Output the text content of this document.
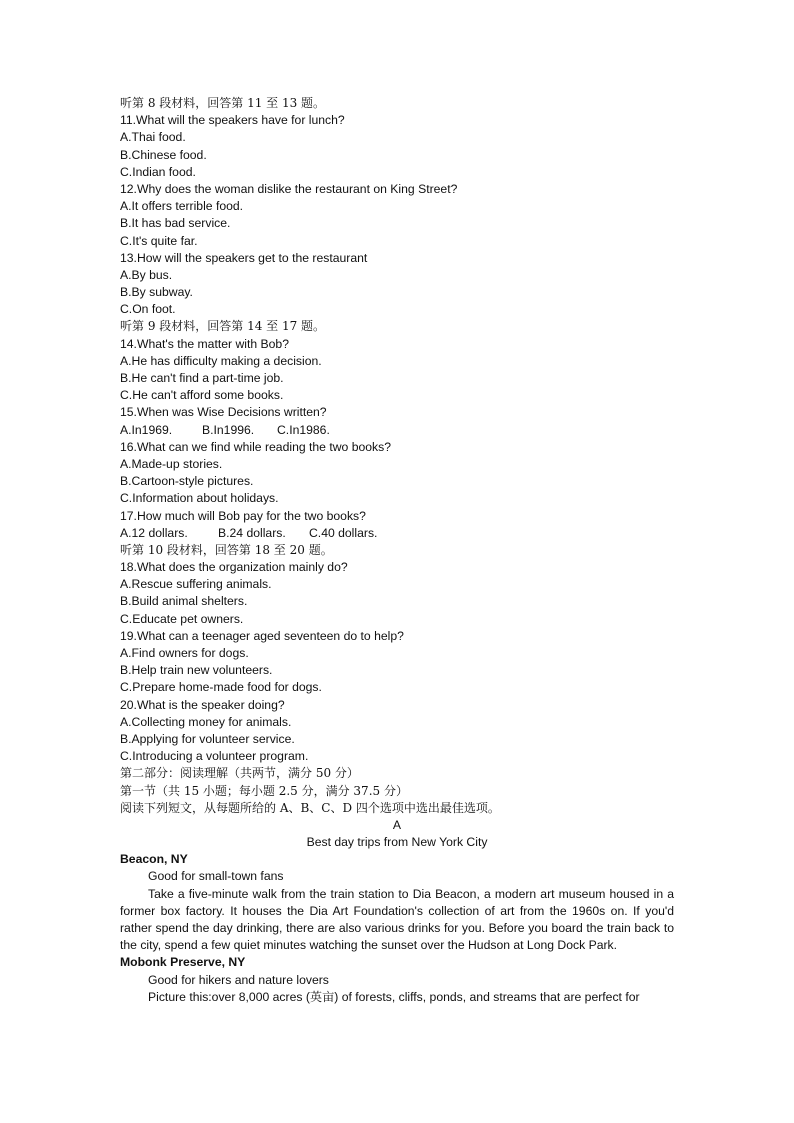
听第 8 段材料，回答第 11 至 13 题。
11.What will the speakers have for lunch?
A.Thai food.
B.Chinese food.
C.Indian food.
12.Why does the woman dislike the restaurant on King Street?
A.It offers terrible food.
B.It has bad service.
C.It's quite far.
13.How will the speakers get to the restaurant
A.By bus.
B.By subway.
C.On foot.
听第 9 段材料，回答第 14 至 17 题。
14.What's the matter with Bob?
A.He has difficulty making a decision.
B.He can't find a part-time job.
C.He can't afford some books.
15.When was Wise Decisions written?
A.In1969.	B.In1996.	C.In1986.
16.What can we find while reading the two books?
A.Made-up stories.
B.Cartoon-style pictures.
C.Information about holidays.
17.How much will Bob pay for the two books?
A.12 dollars.	B.24 dollars.	C.40 dollars.
听第 10 段材料，回答第 18 至 20 题。
18.What does the organization mainly do?
A.Rescue suffering animals.
B.Build animal shelters.
C.Educate pet owners.
19.What can a teenager aged seventeen do to help?
A.Find owners for dogs.
B.Help train new volunteers.
C.Prepare home-made food for dogs.
20.What is the speaker doing?
A.Collecting money for animals.
B.Applying for volunteer service.
C.Introducing a volunteer program.
第二部分：阅读理解（共两节，满分 50 分）
第一节（共 15 小题；每小题 2.5 分，满分 37.5 分）
阅读下列短文，从每题所给的 A、B、C、D 四个选项中选出最佳选项。
A
Best day trips from New York City
Beacon, NY
Good for small-town fans
Take a five-minute walk from the train station to Dia Beacon, a modern art museum housed in a former box factory. It houses the Dia Art Foundation's collection of art from the 1960s on. If you'd rather spend the day drinking, there are also various drinks for you. Before you board the train back to the city, spend a few quiet minutes watching the sunset over the Hudson at Long Dock Park.
Mobonk Preserve, NY
Good for hikers and nature lovers
Picture this:over 8,000 acres (英亩) of forests, cliffs, ponds, and streams that are perfect for
